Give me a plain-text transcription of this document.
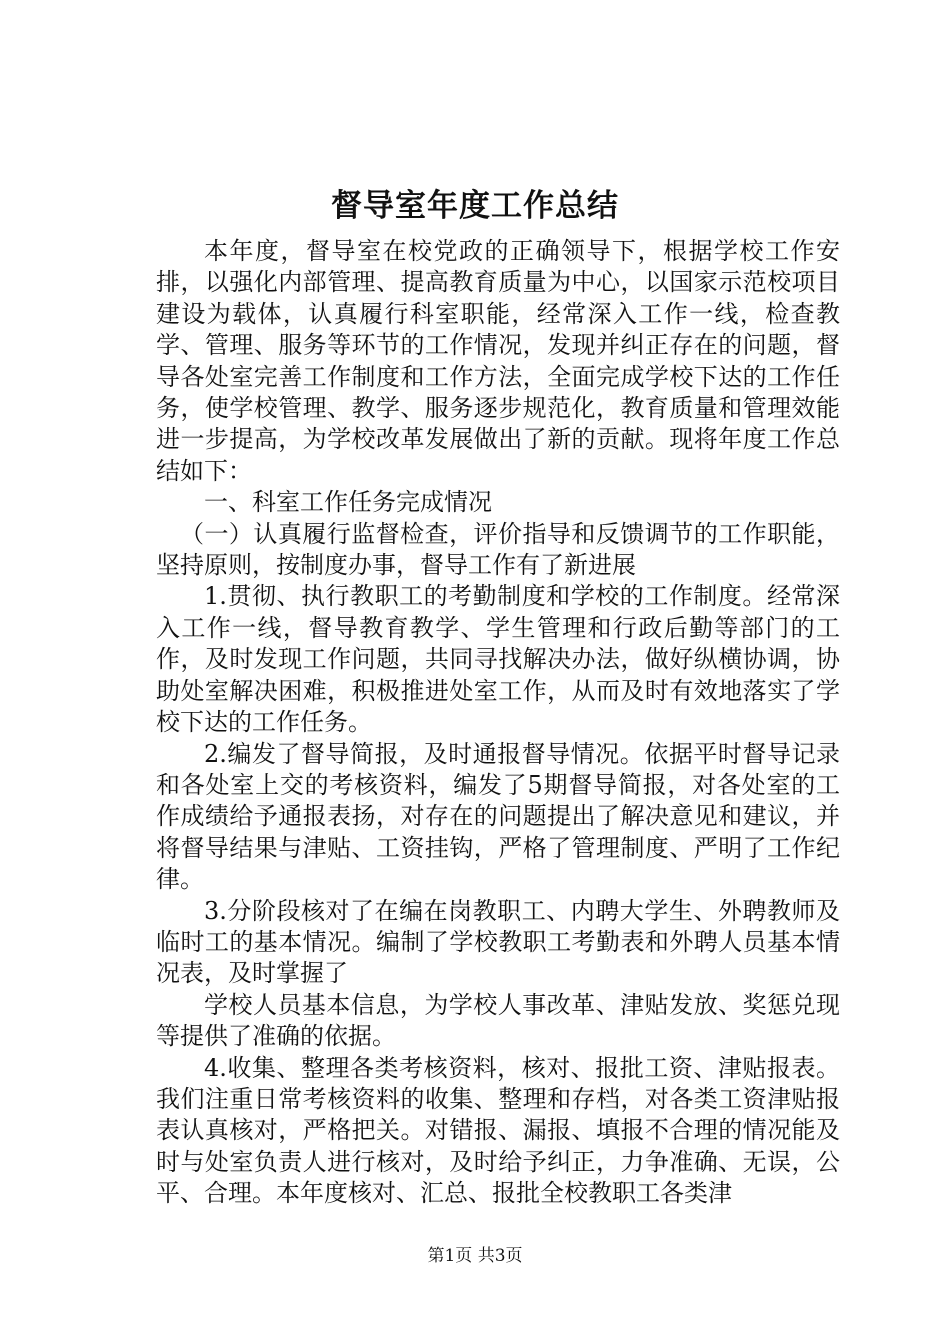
督导室年度工作总结

本年度，督导室在校党政的正确领导下，根据学校工作安排，以强化内部管理、提高教育质量为中心，以国家示范校项目建设为载体，认真履行科室职能，经常深入工作一线，检查教学、管理、服务等环节的工作情况，发现并纠正存在的问题，督导各处室完善工作制度和工作方法，全面完成学校下达的工作任务，使学校管理、教学、服务逐步规范化，教育质量和管理效能进一步提高，为学校改革发展做出了新的贡献。现将年度工作总结如下：

一、科室工作任务完成情况

（一）认真履行监督检查，评价指导和反馈调节的工作职能，坚持原则，按制度办事，督导工作有了新进展

1.贯彻、执行教职工的考勤制度和学校的工作制度。经常深入工作一线，督导教育教学、学生管理和行政后勤等部门的工作，及时发现工作问题，共同寻找解决办法，做好纵横协调，协助处室解决困难，积极推进处室工作，从而及时有效地落实了学校下达的工作任务。

2.编发了督导简报，及时通报督导情况。依据平时督导记录和各处室上交的考核资料，编发了5期督导简报，对各处室的工作成绩给予通报表扬，对存在的问题提出了解决意见和建议，并将督导结果与津贴、工资挂钩，严格了管理制度、严明了工作纪律。

3.分阶段核对了在编在岗教职工、内聘大学生、外聘教师及临时工的基本情况。编制了学校教职工考勤表和外聘人员基本情况表，及时掌握了

学校人员基本信息，为学校人事改革、津贴发放、奖惩兑现等提供了准确的依据。

4.收集、整理各类考核资料，核对、报批工资、津贴报表。我们注重日常考核资料的收集、整理和存档，对各类工资津贴报表认真核对，严格把关。对错报、漏报、填报不合理的情况能及时与处室负责人进行核对，及时给予纠正，力争准确、无误，公平、合理。本年度核对、汇总、报批全校教职工各类津

第1页 共3页
